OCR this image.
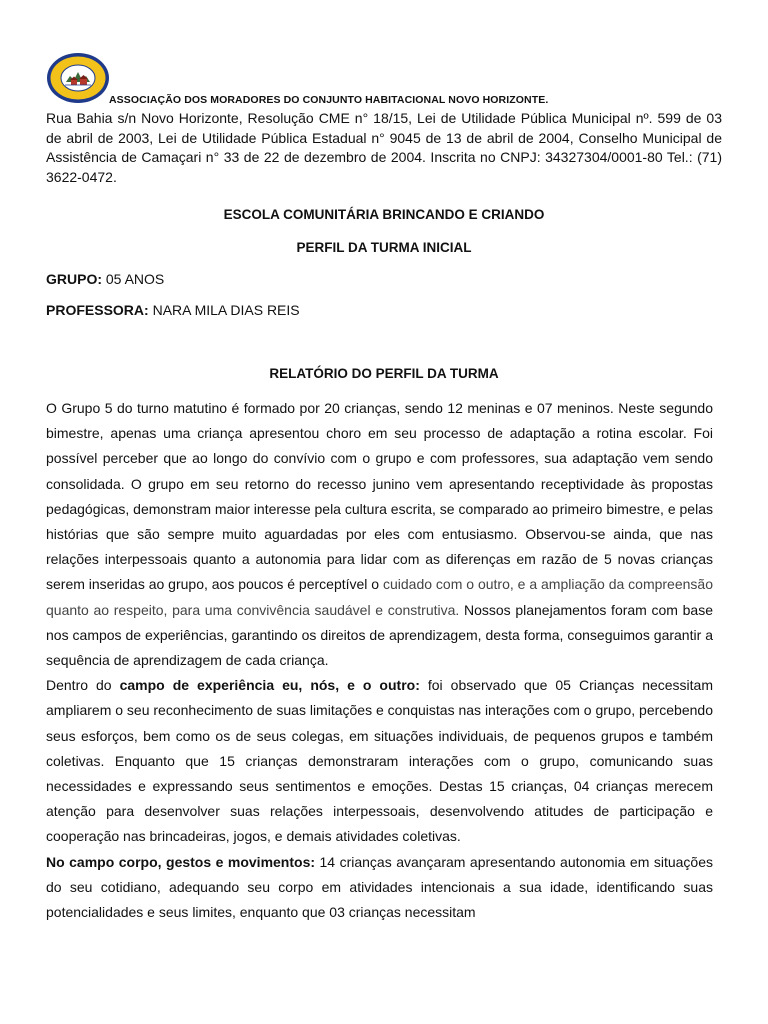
ASSOCIAÇÃO DOS MORADORES DO CONJUNTO HABITACIONAL NOVO HORIZONTE.
Rua Bahia s/n Novo Horizonte, Resolução CME n° 18/15, Lei de Utilidade Pública Municipal nº. 599 de 03 de abril de 2003, Lei de Utilidade Pública Estadual n° 9045 de 13 de abril de 2004, Conselho Municipal de Assistência de Camaçari n° 33 de 22 de dezembro de 2004. Inscrita no CNPJ: 34327304/0001-80 Tel.: (71) 3622-0472.
ESCOLA COMUNITÁRIA BRINCANDO E CRIANDO
PERFIL DA TURMA INICIAL
GRUPO: 05 ANOS
PROFESSORA: NARA MILA DIAS REIS
RELATÓRIO DO PERFIL DA TURMA

O Grupo 5 do turno matutino é formado por 20 crianças, sendo 12 meninas e 07 meninos. Neste segundo bimestre, apenas uma criança apresentou choro em seu processo de adaptação a rotina escolar. Foi possível perceber que ao longo do convívio com o grupo e com professores, sua adaptação vem sendo consolidada. O grupo em seu retorno do recesso junino vem apresentando receptividade às propostas pedagógicas, demonstram maior interesse pela cultura escrita, se comparado ao primeiro bimestre, e pelas histórias que são sempre muito aguardadas por eles com entusiasmo. Observou-se ainda, que nas relações interpessoais quanto a autonomia para lidar com as diferenças em razão de 5 novas crianças serem inseridas ao grupo, aos poucos é perceptível o cuidado com o outro, e a ampliação da compreensão quanto ao respeito, para uma convivência saudável e construtiva. Nossos planejamentos foram com base nos campos de experiências, garantindo os direitos de aprendizagem, desta forma, conseguimos garantir a sequência de aprendizagem de cada criança.

Dentro do campo de experiência eu, nós, e o outro: foi observado que 05 Crianças necessitam ampliarem o seu reconhecimento de suas limitações e conquistas nas interações com o grupo, percebendo seus esforços, bem como os de seus colegas, em situações individuais, de pequenos grupos e também coletivas. Enquanto que 15 crianças demonstraram interações com o grupo, comunicando suas necessidades e expressando seus sentimentos e emoções. Destas 15 crianças, 04 crianças merecem atenção para desenvolver suas relações interpessoais, desenvolvendo atitudes de participação e cooperação nas brincadeiras, jogos, e demais atividades coletivas.

No campo corpo, gestos e movimentos: 14 crianças avançaram apresentando autonomia em situações do seu cotidiano, adequando seu corpo em atividades intencionais a sua idade, identificando suas potencialidades e seus limites, enquanto que 03 crianças necessitam
